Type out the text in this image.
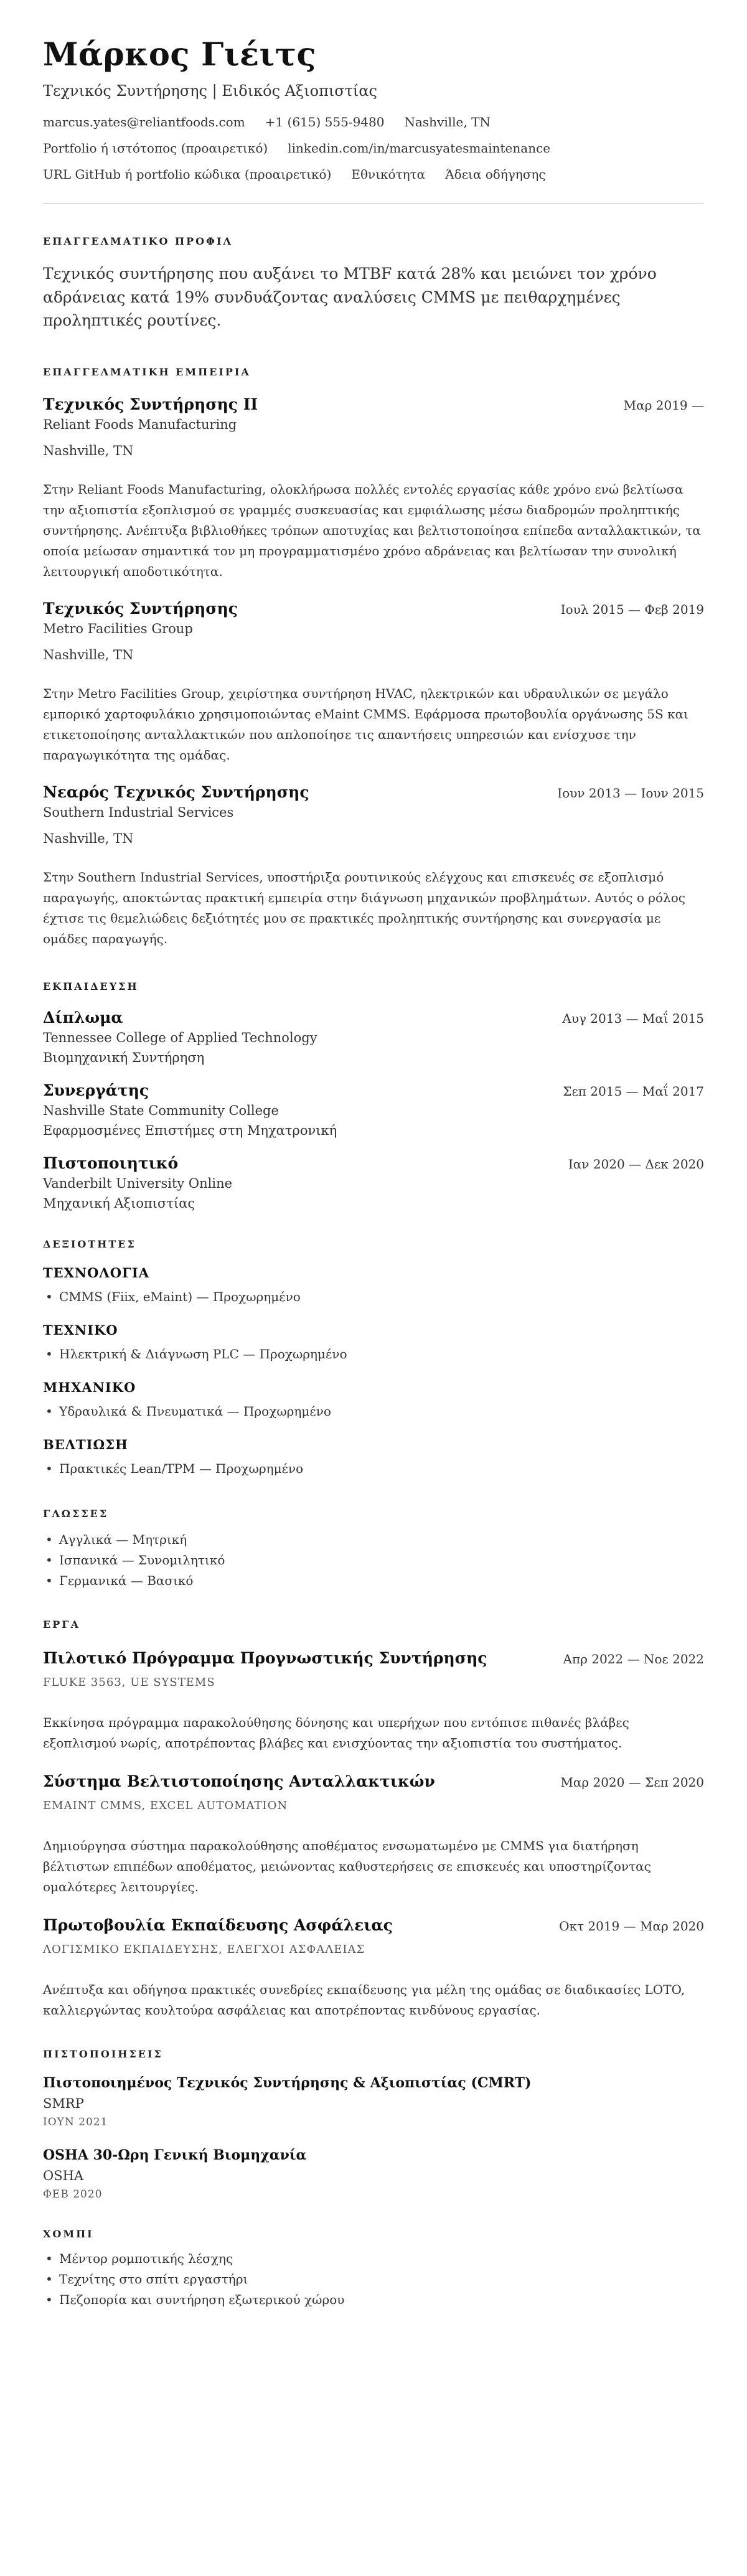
Μάρκος Γιέιτς
Τεχνικός Συντήρησης | Ειδικός Αξιοπιστίας
marcus.yates@reliantfoods.com +1 (615) 555-9480 Nashville, TN
Portfolio ή ιστότοπος (προαιρετικό) linkedin.com/in/marcusyatesmaintenance
URL GitHub ή portfolio κώδικα (προαιρετικό) Εθνικότητα Άδεια οδήγησης
ΕΠΑΓΓΕΛΜΑΤΙΚΟ ΠΡΟΦΙΛ

Τεχνικός συντήρησης που αυξάνει το MTBF κατά 28% και μειώνει τον χρόνο αδράνειας κατά 19% συνδυάζοντας αναλύσεις CMMS με πειθαρχημένες προληπτικές ρουτίνες.

ΕΠΑΓΓΕΛΜΑΤΙΚΗ ΕΜΠΕΙΡΙΑ
Τεχνικός Συντήρησης ΙΙ	Μαρ 2019 —
Reliant Foods Manufacturing
Nashville, TN

Στην Reliant Foods Manufacturing, ολοκλήρωσα πολλές εντολές εργασίας κάθε χρόνο ενώ βελτίωσα την αξιοπιστία εξοπλισμού σε γραμμές συσκευασίας και εμφιάλωσης μέσω διαδρομών προληπτικής συντήρησης. Ανέπτυξα βιβλιοθήκες τρόπων αποτυχίας και βελτιστοποίησα επίπεδα ανταλλακτικών, τα οποία μείωσαν σημαντικά τον μη προγραμματισμένο χρόνο αδράνειας και βελτίωσαν την συνολική λειτουργική αποδοτικότητα.

Τεχνικός Συντήρησης	Ιουλ 2015 — Φεβ 2019
Metro Facilities Group
Nashville, TN

Στην Metro Facilities Group, χειρίστηκα συντήρηση HVAC, ηλεκτρικών και υδραυλικών σε μεγάλο εμπορικό χαρτοφυλάκιο χρησιμοποιώντας eMaint CMMS. Εφάρμοσα πρωτοβουλία οργάνωσης 5S και ετικετοποίησης ανταλλακτικών που απλοποίησε τις απαντήσεις υπηρεσιών και ενίσχυσε την παραγωγικότητα της ομάδας.

Νεαρός Τεχνικός Συντήρησης	Ιουν 2013 — Ιουν 2015
Southern Industrial Services
Nashville, TN

Στην Southern Industrial Services, υποστήριξα ρουτινικούς ελέγχους και επισκευές σε εξοπλισμό παραγωγής, αποκτώντας πρακτική εμπειρία στην διάγνωση μηχανικών προβλημάτων. Αυτός ο ρόλος έχτισε τις θεμελιώδεις δεξιότητές μου σε πρακτικές προληπτικής συντήρησης και συνεργασία με ομάδες παραγωγής.

ΕΚΠΑΙΔΕΥΣΗ
Δίπλωμα	Αυγ 2013 — Μαΐ 2015
Tennessee College of Applied Technology
Βιομηχανική Συντήρηση
Συνεργάτης	Σεπ 2015 — Μαΐ 2017
Nashville State Community College
Εφαρμοσμένες Επιστήμες στη Μηχατρονική
Πιστοποιητικό	Ιαν 2020 — Δεκ 2020
Vanderbilt University Online
Μηχανική Αξιοπιστίας
ΔΕΞΙΟΤΗΤΕΣ
ΤΕΧΝΟΛΟΓΙΑ
• CMMS (Fiix, eMaint) — Προχωρημένο
ΤΕΧΝΙΚΟ
• Ηλεκτρική & Διάγνωση PLC — Προχωρημένο
ΜΗΧΑΝΙΚΟ
• Υδραυλικά & Πνευματικά — Προχωρημένο
ΒΕΛΤΙΩΣΗ
• Πρακτικές Lean/TPM — Προχωρημένο
ΓΛΩΣΣΕΣ
• Αγγλικά — Μητρική
• Ισπανικά — Συνομιλητικό
• Γερμανικά — Βασικό
ΕΡΓΑ
Πιλοτικό Πρόγραμμα Προγνωστικής Συντήρησης	Απρ 2022 — Νοε 2022
FLUKE 3563, UE SYSTEMS

Εκκίνησα πρόγραμμα παρακολούθησης δόνησης και υπερήχων που εντόπισε πιθανές βλάβες εξοπλισμού νωρίς, αποτρέποντας βλάβες και ενισχύοντας την αξιοπιστία του συστήματος.

Σύστημα Βελτιστοποίησης Ανταλλακτικών	Μαρ 2020 — Σεπ 2020
EMAINT CMMS, EXCEL AUTOMATION

Δημιούργησα σύστημα παρακολούθησης αποθέματος ενσωματωμένο με CMMS για διατήρηση βέλτιστων επιπέδων αποθέματος, μειώνοντας καθυστερήσεις σε επισκευές και υποστηρίζοντας ομαλότερες λειτουργίες.

Πρωτοβουλία Εκπαίδευσης Ασφάλειας	Οκτ 2019 — Μαρ 2020
ΛΟΓΙΣΜΙΚΟ ΕΚΠΑΙΔΕΥΣΗΣ, ΕΛΕΓΧΟΙ ΑΣΦΑΛΕΙΑΣ

Ανέπτυξα και οδήγησα πρακτικές συνεδρίες εκπαίδευσης για μέλη της ομάδας σε διαδικασίες LOTO, καλλιεργώντας κουλτούρα ασφάλειας και αποτρέποντας κινδύνους εργασίας.

ΠΙΣΤΟΠΟΙΗΣΕΙΣ
Πιστοποιημένος Τεχνικός Συντήρησης & Αξιοπιστίας (CMRT)
SMRP
ΙΟΥΝ 2021
OSHA 30-Ωρη Γενική Βιομηχανία
OSHA
ΦΕΒ 2020
ΧΟΜΠΙ
• Μέντορ ρομποτικής λέσχης
• Τεχνίτης στο σπίτι εργαστήρι
• Πεζοπορία και συντήρηση εξωτερικού χώρου
